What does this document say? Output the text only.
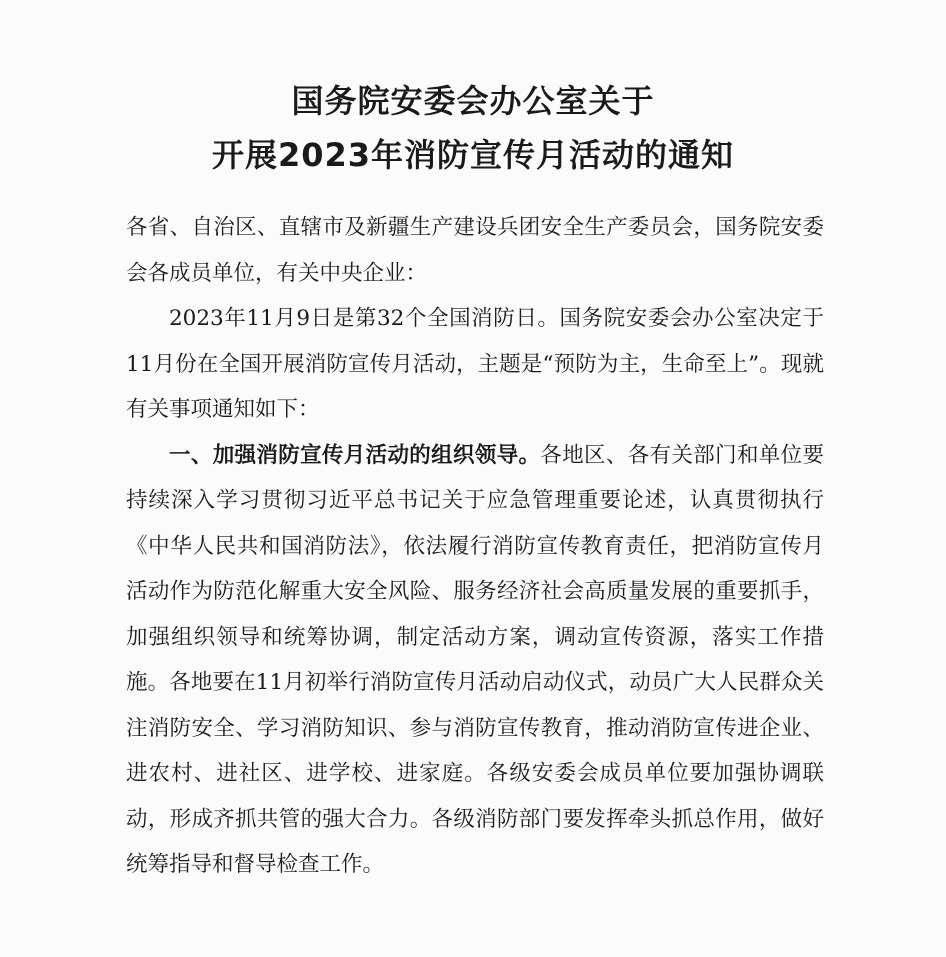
国务院安委会办公室关于
开展2023年消防宣传月活动的通知

各省、自治区、直辖市及新疆生产建设兵团安全生产委员会，国务院安委会各成员单位，有关中央企业：

2023年11月9日是第32个全国消防日。国务院安委会办公室决定于11月份在全国开展消防宣传月活动，主题是“预防为主，生命至上”。现就有关事项通知如下：

一、加强消防宣传月活动的组织领导。各地区、各有关部门和单位要持续深入学习贯彻习近平总书记关于应急管理重要论述，认真贯彻执行《中华人民共和国消防法》，依法履行消防宣传教育责任，把消防宣传月活动作为防范化解重大安全风险、服务经济社会高质量发展的重要抓手，加强组织领导和统筹协调，制定活动方案，调动宣传资源，落实工作措施。各地要在11月初举行消防宣传月活动启动仪式，动员广大人民群众关注消防安全、学习消防知识、参与消防宣传教育，推动消防宣传进企业、进农村、进社区、进学校、进家庭。各级安委会成员单位要加强协调联动，形成齐抓共管的强大合力。各级消防部门要发挥牵头抓总作用，做好统筹指导和督导检查工作。
